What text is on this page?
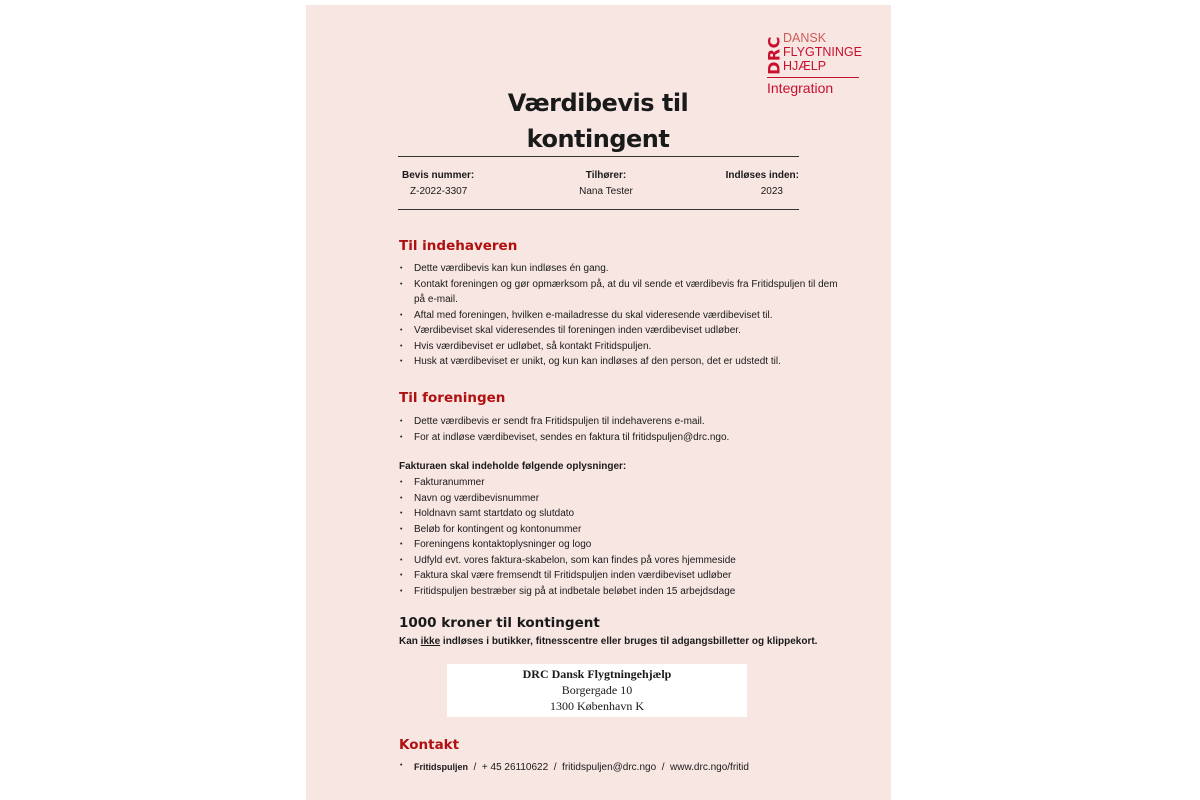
DRC DANSK
FLYGTNINGE
HJÆLP
Integration
Værdibevis til
kontingent
Bevis nummer:
Z-2022-3307
Tilhører:
Nana Tester
Indløses inden:
2023
Til indehaveren
• Dette værdibevis kan kun indløses én gang.
• Kontakt foreningen og gør opmærksom på, at du vil sende et værdibevis fra Fritidspuljen til dem på e-mail.
• Aftal med foreningen, hvilken e-mailadresse du skal videresende værdibeviset til.
• Værdibeviset skal videresendes til foreningen inden værdibeviset udløber.
• Hvis værdibeviset er udløbet, så kontakt Fritidspuljen.
• Husk at værdibeviset er unikt, og kun kan indløses af den person, det er udstedt til.
Til foreningen
• Dette værdibevis er sendt fra Fritidspuljen til indehaverens e-mail.
• For at indløse værdibeviset, sendes en faktura til fritidspuljen@drc.ngo.
Fakturaen skal indeholde følgende oplysninger:
• Fakturanummer
• Navn og værdibevisnummer
• Holdnavn samt startdato og slutdato
• Beløb for kontingent og kontonummer
• Foreningens kontaktoplysninger og logo
• Udfyld evt. vores faktura-skabelon, som kan findes på vores hjemmeside
• Faktura skal være fremsendt til Fritidspuljen inden værdibeviset udløber
• Fritidspuljen bestræber sig på at indbetale beløbet inden 15 arbejdsdage
1000 kroner til kontingent
Kan ikke indløses i butikker, fitnesscentre eller bruges til adgangsbilletter og klippekort.
DRC Dansk Flygtningehjælp
Borgergade 10
1300 København K
Kontakt
• Fritidspuljen  /  + 45 26110622  /  fritidspuljen@drc.ngo  /  www.drc.ngo/fritid
